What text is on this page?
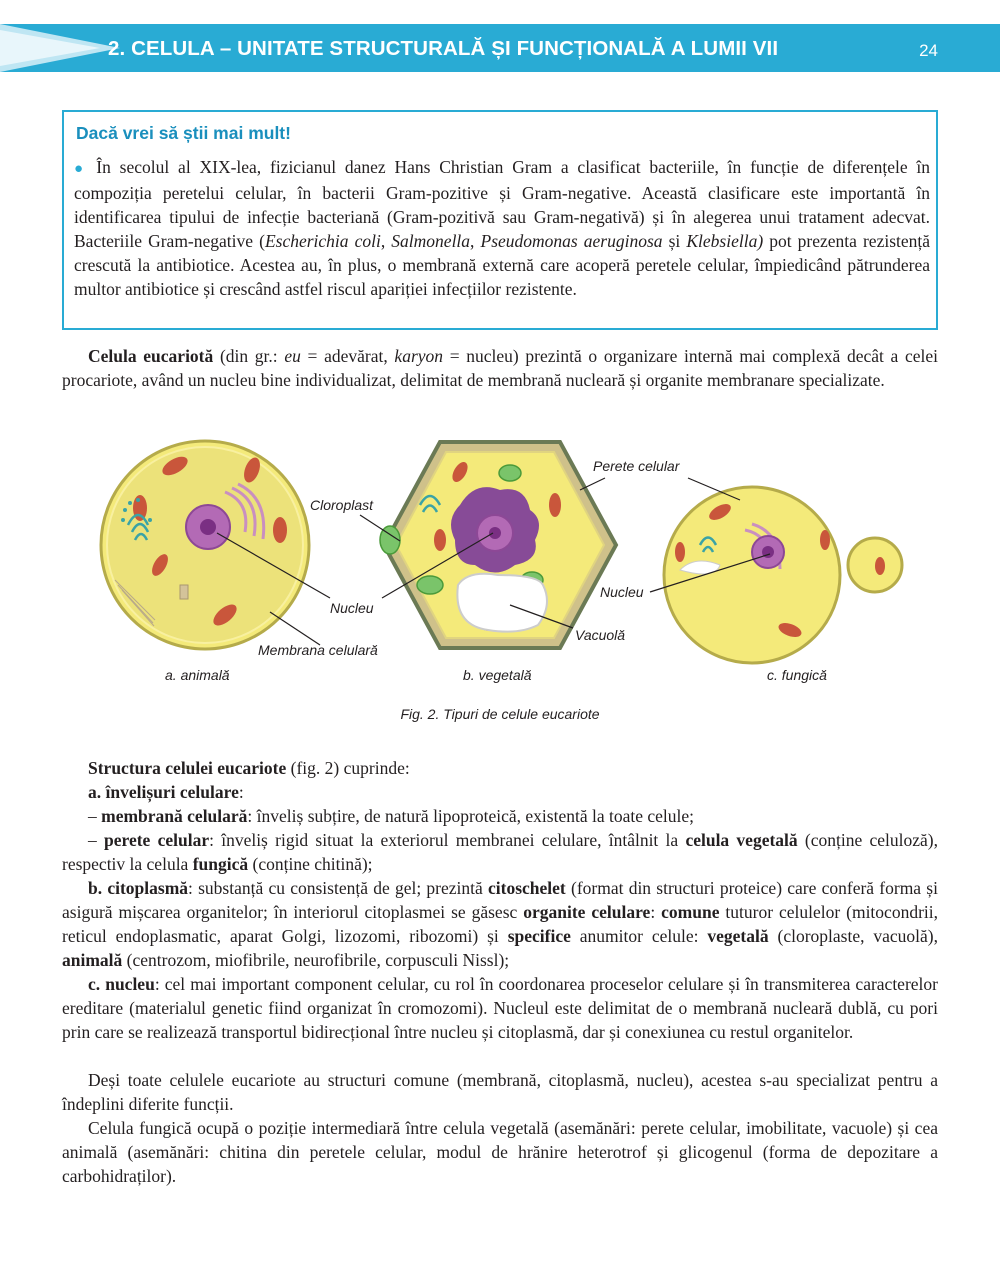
2. CELULA – UNITATE STRUCTURALĂ ȘI FUNCȚIONALĂ A LUMII VII	24
Dacă vrei să știi mai mult!
● În secolul al XIX-lea, fizicianul danez Hans Christian Gram a clasificat bacteriile, în funcție de diferențele în compoziția peretelui celular, în bacterii Gram-pozitive și Gram-negative. Această clasificare este importantă în identificarea tipului de infecție bacteriană (Gram-pozitivă sau Gram-negativă) și în alegerea unui tratament adecvat. Bacteriile Gram-negative (Escherichia coli, Salmonella, Pseudomonas aeruginosa și Klebsiella) pot prezenta rezistență crescută la antibiotice. Acestea au, în plus, o membrană externă care acoperă peretele celular, împiedicând pătrunderea multor antibiotice și crescând astfel riscul apariției infecțiilor rezistente.
Celula eucariotă (din gr.: eu = adevărat, karyon = nucleu) prezintă o organizare internă mai complexă decât a celei procariote, având un nucleu bine individualizat, delimitat de membrană nucleară și organite membranare specializate.
Perete celular
Cloroplast
Nucleu
Nucleu
Vacuolă
Membrana celulară
a. animală	b. vegetală	c. fungică
Fig. 2. Tipuri de celule eucariote
Structura celulei eucariote (fig. 2) cuprinde:
a. învelișuri celulare:
– membrană celulară: înveliș subțire, de natură lipoproteică, existentă la toate celule;
– perete celular: înveliș rigid situat la exteriorul membranei celulare, întâlnit la celula vegetală (conține celuloză), respectiv la celula fungică (conține chitină);
b. citoplasmă: substanță cu consistență de gel; prezintă citoschelet (format din structuri proteice) care conferă forma și asigură mișcarea organitelor; în interiorul citoplasmei se găsesc organite celulare: comune tuturor celulelor (mitocondrii, reticul endoplasmatic, aparat Golgi, lizozomi, ribozomi) și specifice anumitor celule: vegetală (cloroplaste, vacuolă), animală (centrozom, miofibrile, neurofibrile, corpusculi Nissl);
c. nucleu: cel mai important component celular, cu rol în coordonarea proceselor celulare și în transmiterea caracterelor ereditare (materialul genetic fiind organizat în cromozomi). Nucleul este delimitat de o membrană nucleară dublă, cu pori prin care se realizează transportul bidirecțional între nucleu și citoplasmă, dar și conexiunea cu restul organitelor.
Deși toate celulele eucariote au structuri comune (membrană, citoplasmă, nucleu), acestea s-au specializat pentru a îndeplini diferite funcții.
Celula fungică ocupă o poziție intermediară între celula vegetală (asemănări: perete celular, imobilitate, vacuole) și cea animală (asemănări: chitina din peretele celular, modul de hrănire heterotrof și glicogenul (forma de depozitare a carbohidraților).
